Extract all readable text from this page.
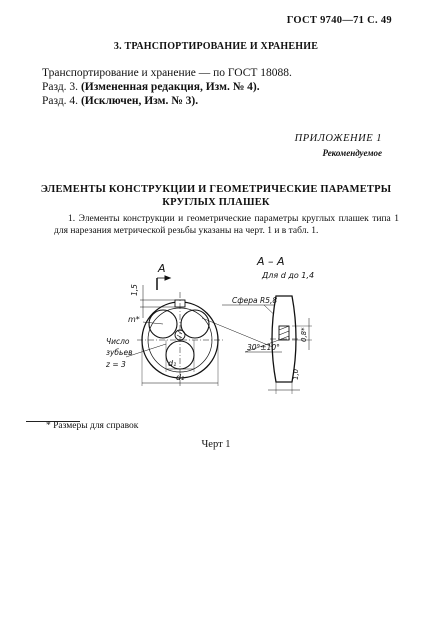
ГОСТ 9740—71 С. 49
3. ТРАНСПОРТИРОВАНИЕ И ХРАНЕНИЕ
Транспортирование и хранение — по ГОСТ 18088.
Разд. 3. (Измененная редакция, Изм. № 4).
Разд. 4. (Исключен, Изм. № 3).
ПРИЛОЖЕНИЕ 1
Рекомендуемое
ЭЛЕМЕНТЫ КОНСТРУКЦИИ И ГЕОМЕТРИЧЕСКИЕ ПАРАМЕТРЫ
КРУГЛЫХ ПЛАШЕК
1. Элементы конструкции и геометрические параметры круглых плашек типа 1 для нарезания метрической резьбы указаны на черт. 1 и в табл. 1.
А
1,5
m*
Число
зубьев
z = 3	d₁
d₂
А – А
Для d до 1,4
Сфера R5,8
30°±10°
0,8*
1,0
* Размеры для справок
Черт 1
